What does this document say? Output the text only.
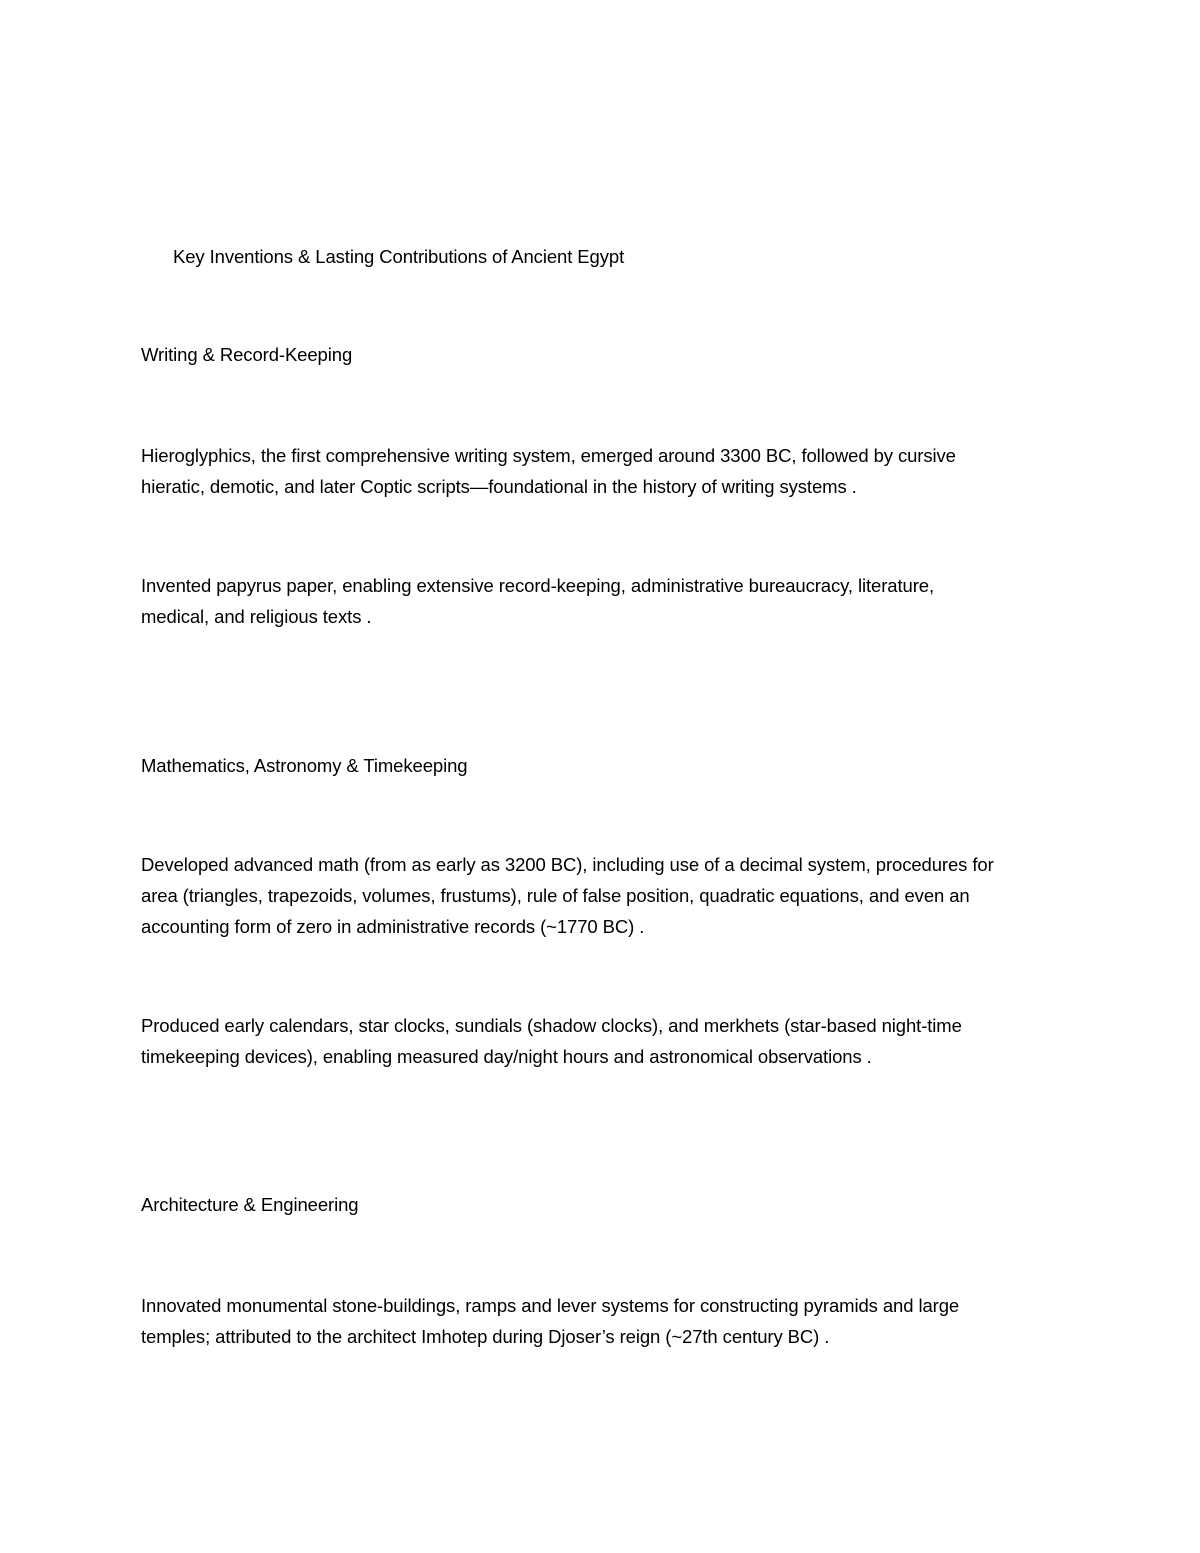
Key Inventions & Lasting Contributions of Ancient Egypt
Writing & Record-Keeping
Hieroglyphics, the first comprehensive writing system, emerged around 3300 BC, followed by cursive
hieratic, demotic, and later Coptic scripts—foundational in the history of writing systems .
Invented papyrus paper, enabling extensive record-keeping, administrative bureaucracy, literature,
medical, and religious texts .
Mathematics, Astronomy & Timekeeping
Developed advanced math (from as early as 3200 BC), including use of a decimal system, procedures for
area (triangles, trapezoids, volumes, frustums), rule of false position, quadratic equations, and even an
accounting form of zero in administrative records (~1770 BC) .
Produced early calendars, star clocks, sundials (shadow clocks), and merkhets (star-based night-time
timekeeping devices), enabling measured day/night hours and astronomical observations .
Architecture & Engineering
Innovated monumental stone-buildings, ramps and lever systems for constructing pyramids and large
temples; attributed to the architect Imhotep during Djoser’s reign (~27th century BC) .
